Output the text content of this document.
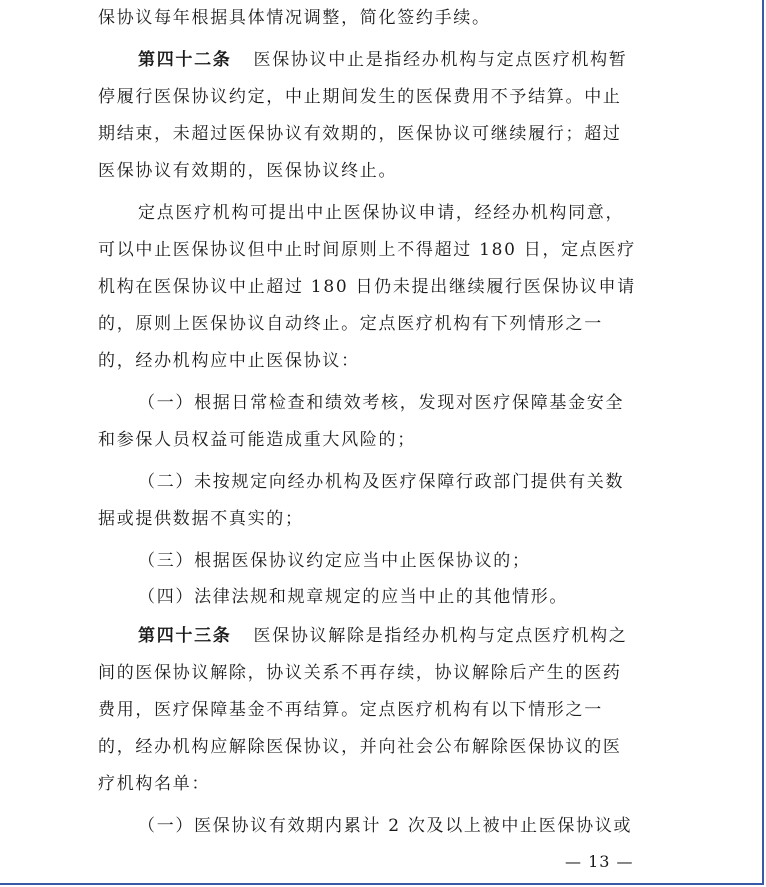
保协议每年根据具体情况调整，简化签约手续。
第四十二条 医保协议中止是指经办机构与定点医疗机构暂
停履行医保协议约定，中止期间发生的医保费用不予结算。中止
期结束，未超过医保协议有效期的，医保协议可继续履行；超过
医保协议有效期的，医保协议终止。
定点医疗机构可提出中止医保协议申请，经经办机构同意，
可以中止医保协议但中止时间原则上不得超过 180 日，定点医疗
机构在医保协议中止超过 180 日仍未提出继续履行医保协议申请
的，原则上医保协议自动终止。定点医疗机构有下列情形之一
的，经办机构应中止医保协议：
（一）根据日常检查和绩效考核，发现对医疗保障基金安全
和参保人员权益可能造成重大风险的；
（二）未按规定向经办机构及医疗保障行政部门提供有关数
据或提供数据不真实的；
（三）根据医保协议约定应当中止医保协议的；
（四）法律法规和规章规定的应当中止的其他情形。
第四十三条 医保协议解除是指经办机构与定点医疗机构之
间的医保协议解除，协议关系不再存续，协议解除后产生的医药
费用，医疗保障基金不再结算。定点医疗机构有以下情形之一
的，经办机构应解除医保协议，并向社会公布解除医保协议的医
疗机构名单：
（一）医保协议有效期内累计 2 次及以上被中止医保协议或
— 13 —
